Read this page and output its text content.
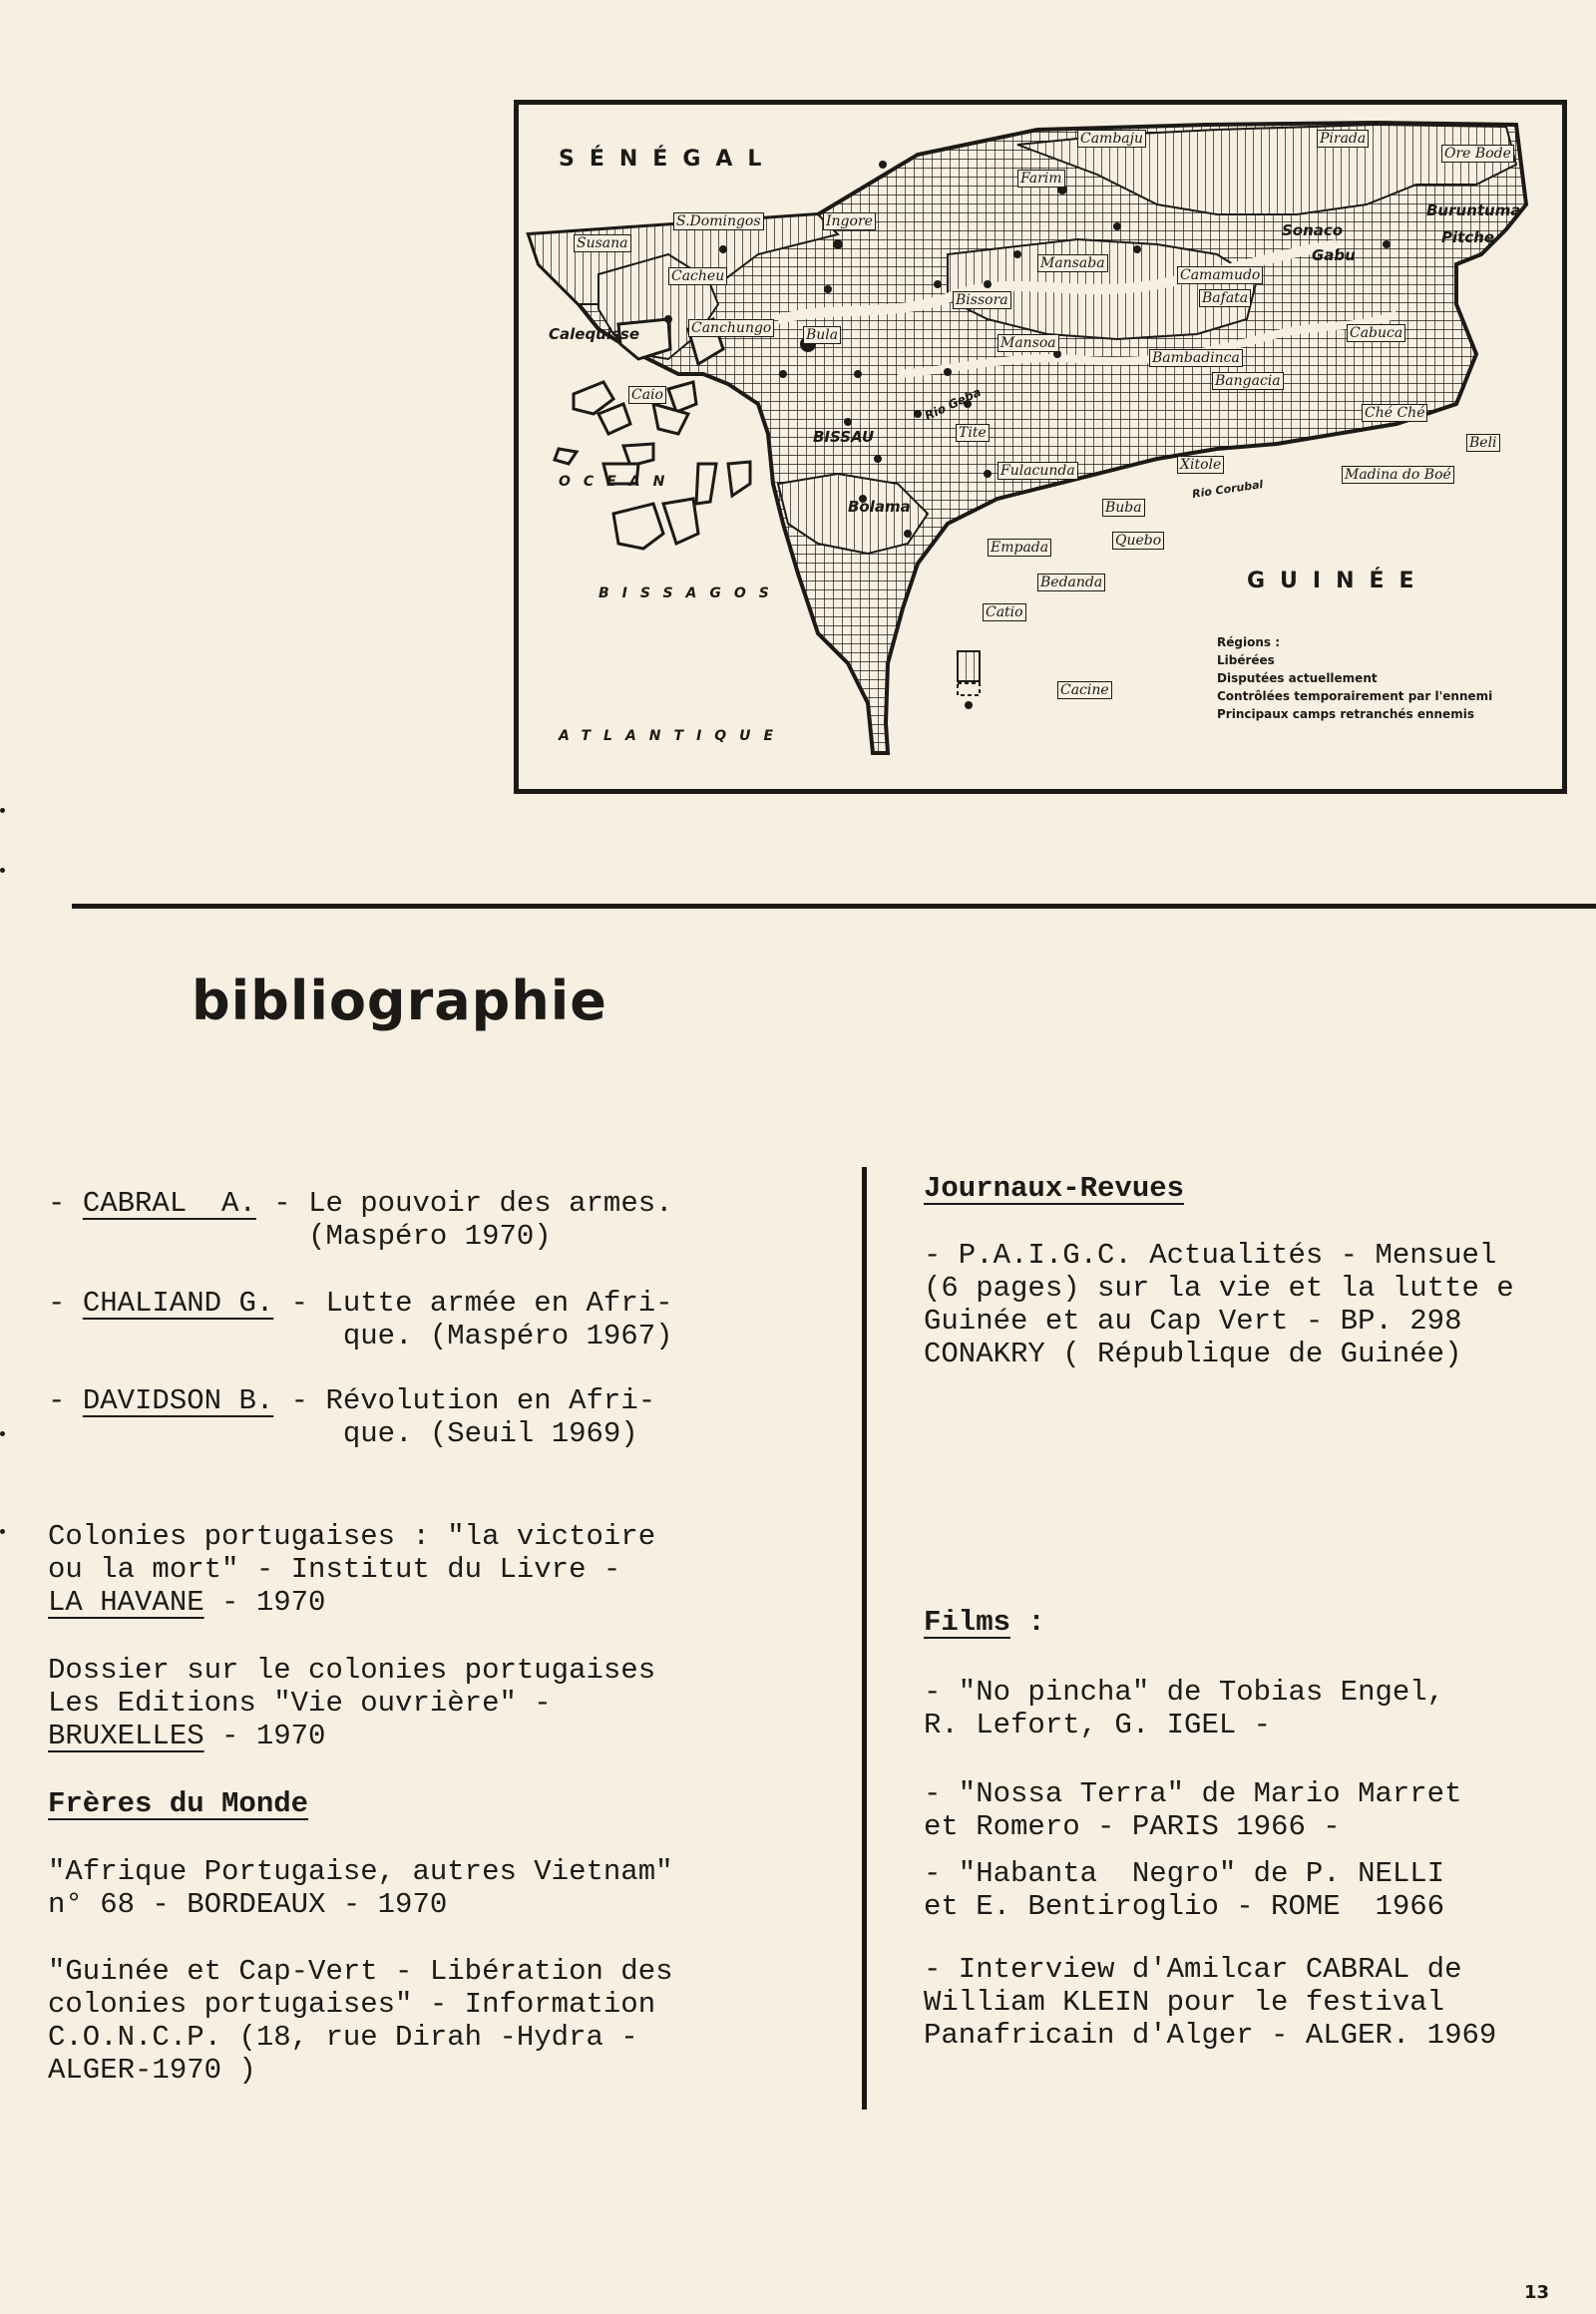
SÉNÉGAL
GUINÉE
OCEAN
ATLANTIQUE
BISSAGOS
Cambaju	Pirada
Ore Bode
Farim
S.Domingos	Ingore
Susana
Sonaco
Buruntuma
Pitche
Gabu
Mansaba
Camamudo
Bafata
Cacheu
Bissora
Calequisse	Canchungo Bula	Mansoa
Bambadinca
Cabuca
Bangacia
Caio
BISSAU
Rio Geba
Tite
Ché Ché
Beli
Fulacunda	Xitole
Rio Corubal
Madina do Boé
Bolama	Buba
Empada	Quebo
Bedanda
Catio
Cacine
Régions :
Libérées
Disputées actuellement
Contrôlées temporairement par l'ennemi
Principaux camps retranchés ennemis
bibliographie
- CABRAL  A. - Le pouvoir des armes.
(Maspéro 1970)
- CHALIAND G. - Lutte armée en Afri-
que. (Maspéro 1967)
- DAVIDSON B. - Révolution en Afri-
que. (Seuil 1969)
Colonies portugaises : "la victoire
ou la mort" - Institut du Livre -
LA HAVANE - 1970
Dossier sur le colonies portugaises
Les Editions "Vie ouvrière" -
BRUXELLES - 1970
Frères du Monde
"Afrique Portugaise, autres Vietnam"
n° 68 - BORDEAUX - 1970
"Guinée et Cap-Vert - Libération des
colonies portugaises" - Information
C.O.N.C.P. (18, rue Dirah -Hydra -
ALGER-1970 )
Journaux-Revues
- P.A.I.G.C. Actualités - Mensuel
(6 pages) sur la vie et la lutte e
Guinée et au Cap Vert - BP. 298
CONAKRY ( République de Guinée)
Films :
- "No pincha" de Tobias Engel,
R. Lefort, G. IGEL -
- "Nossa Terra" de Mario Marret
et Romero - PARIS 1966 -
- "Habanta  Negro" de P. NELLI
et E. Bentiroglio - ROME  1966
- Interview d'Amilcar CABRAL de
William KLEIN pour le festival
Panafricain d'Alger - ALGER. 1969
13
